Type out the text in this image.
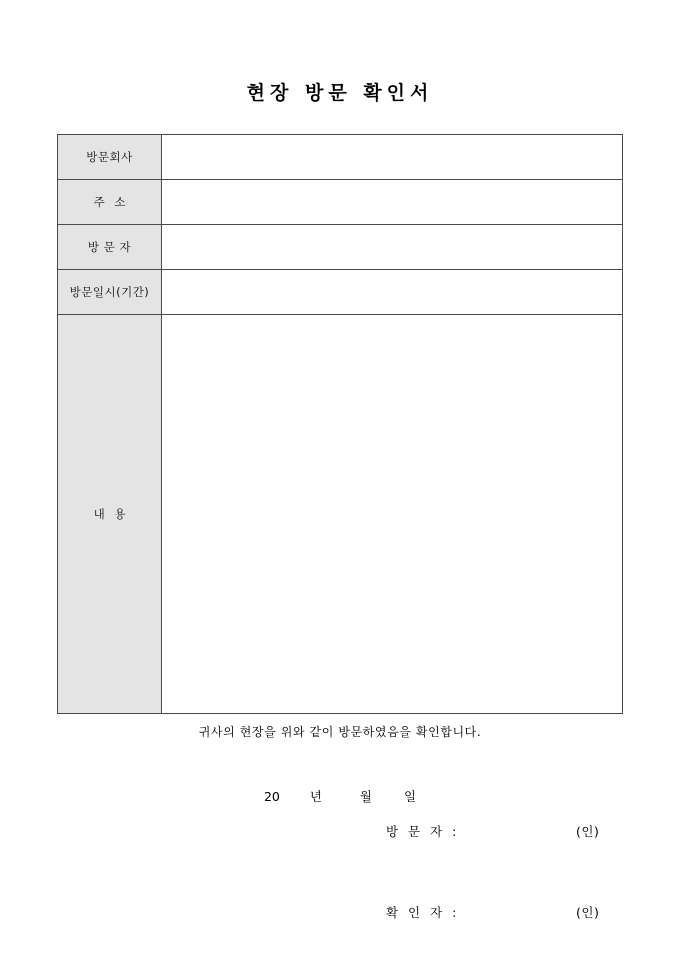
현장 방문 확인서
방문회사	
주 소	
방 문 자	
방문일시(기간)	
내 용	
귀사의 현장을 위와 같이 방문하였음을 확인합니다.
20 년	월	일
방 문 자 :	(인)
확 인 자 :	(인)
